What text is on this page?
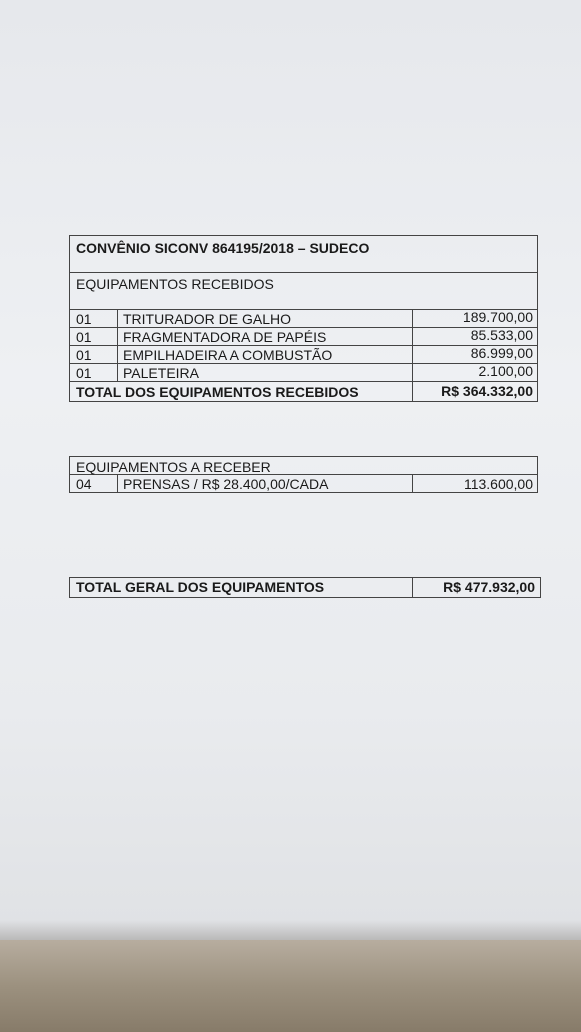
CONVÊNIO SICONV 864195/2018 – SUDECO
EQUIPAMENTOS RECEBIDOS
01 TRITURADOR DE GALHO	189.700,00
01 FRAGMENTADORA DE PAPÉIS	85.533,00
01 EMPILHADEIRA A COMBUSTÃO	86.999,00
01 PALETEIRA	2.100,00
TOTAL DOS EQUIPAMENTOS RECEBIDOS	R$ 364.332,00
EQUIPAMENTOS A RECEBER
04 PRENSAS / R$ 28.400,00/CADA	113.600,00
TOTAL GERAL DOS EQUIPAMENTOS	R$ 477.932,00
